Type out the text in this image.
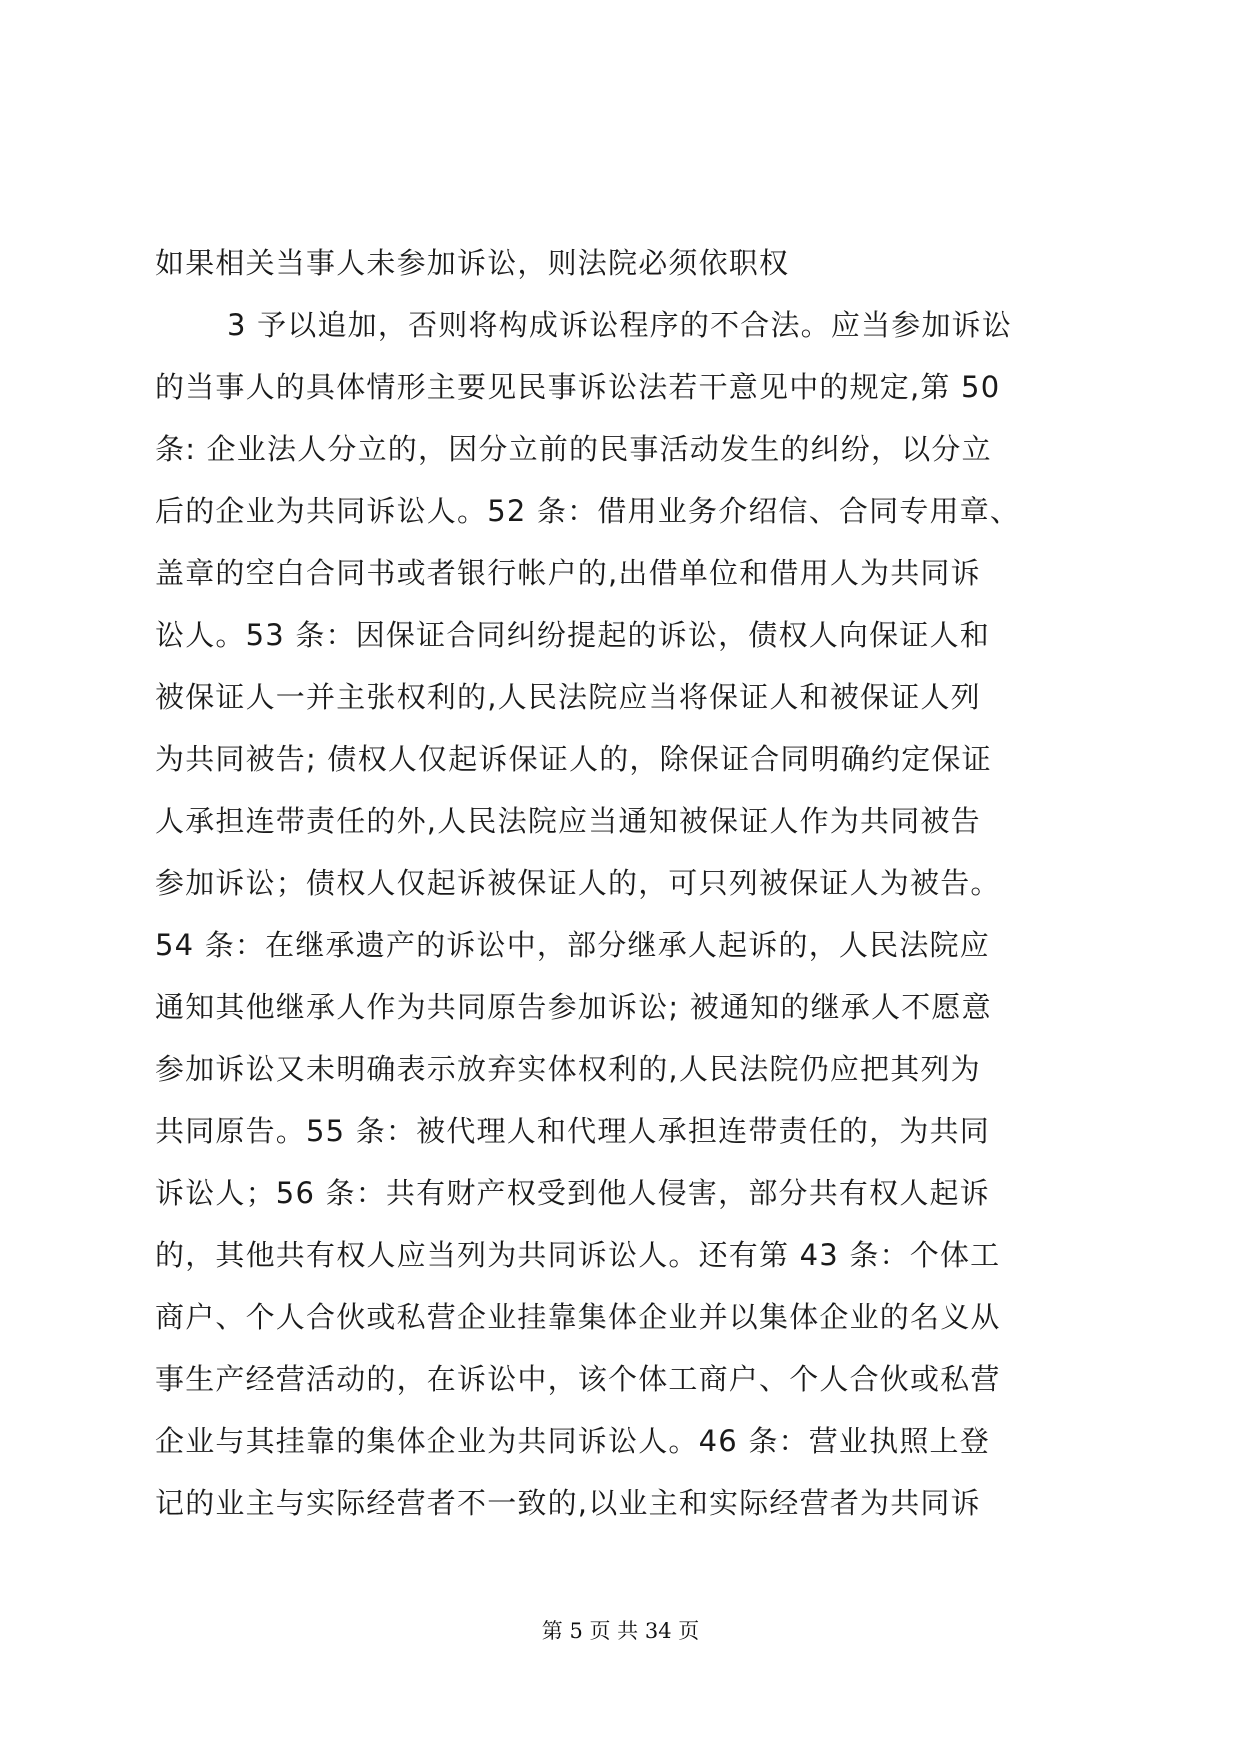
如果相关当事人未参加诉讼，则法院必须依职权
3 予以追加，否则将构成诉讼程序的不合法。应当参加诉讼
的当事人的具体情形主要见民事诉讼法若干意见中的规定,第 50
条: 企业法人分立的，因分立前的民事活动发生的纠纷，以分立
后的企业为共同诉讼人。52 条：借用业务介绍信、合同专用章、
盖章的空白合同书或者银行帐户的,出借单位和借用人为共同诉
讼人。53 条：因保证合同纠纷提起的诉讼，债权人向保证人和
被保证人一并主张权利的,人民法院应当将保证人和被保证人列
为共同被告; 债权人仅起诉保证人的，除保证合同明确约定保证
人承担连带责任的外,人民法院应当通知被保证人作为共同被告
参加诉讼；债权人仅起诉被保证人的，可只列被保证人为被告。
54 条：在继承遗产的诉讼中，部分继承人起诉的，人民法院应
通知其他继承人作为共同原告参加诉讼; 被通知的继承人不愿意
参加诉讼又未明确表示放弃实体权利的,人民法院仍应把其列为
共同原告。55 条：被代理人和代理人承担连带责任的，为共同
诉讼人；56 条：共有财产权受到他人侵害，部分共有权人起诉
的，其他共有权人应当列为共同诉讼人。还有第 43 条：个体工
商户、个人合伙或私营企业挂靠集体企业并以集体企业的名义从
事生产经营活动的，在诉讼中，该个体工商户、个人合伙或私营
企业与其挂靠的集体企业为共同诉讼人。46 条：营业执照上登
记的业主与实际经营者不一致的,以业主和实际经营者为共同诉
第 5 页 共 34 页
